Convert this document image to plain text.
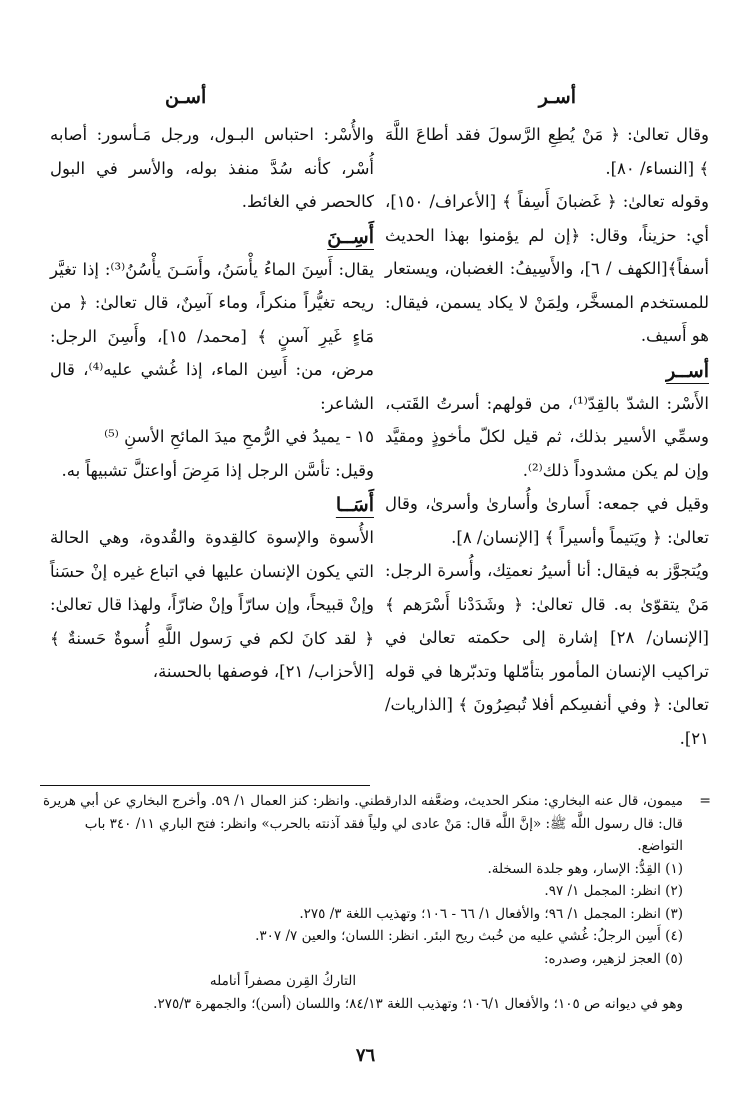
أسـر
أسـن

وقال تعالىٰ: ﴿ مَنْ يُطِعِ الرَّسولَ فقد أطاعَ اللَّهَ ﴾ [النساء/ ٨٠].

وقوله تعالىٰ: ﴿ غَضبانَ أَسِفاً ﴾ [الأعراف/ ١٥٠]، أي: حزيناً، وقال: ﴿إن لم يؤمنوا بهذا الحديث أسفاً﴾[الكهف / ٦]، والأَسِيفُ: الغضبان، ويستعار للمستخدم المسخَّر، ولِمَنْ لا يكاد يسمن، فيقال: هو أَسيف.

أســر

الأَسْر: الشدّ بالقِدّ⁽¹⁾، من قولهم: أسرتُ القَتب، وسمِّي الأسير بذلك، ثم قيل لكلّ مأخوذٍ ومقيَّد وإن لم يكن مشدوداً ذلك⁽²⁾.

وقيل في جمعه: أَسارىٰ وأُسارىٰ وأسرىٰ، وقال تعالىٰ: ﴿ ويَتيماً وأسيراً ﴾ [الإنسان/ ٨].

ويُتجوَّز به فيقال: أنا أسيرُ نعمتِك، وأُسرة الرجل: مَنْ يتقوّىٰ به. قال تعالىٰ: ﴿ وشَدَدْنا أَسْرَهم ﴾ [الإنسان/ ٢٨] إشارة إلى حكمته تعالىٰ في تراكيب الإنسان المأمور بتأمّلها وتدبّرها في قوله تعالىٰ: ﴿ وفي أنفسِكم أفلا تُبصِرُونَ ﴾ [الذاريات/ ٢١].

والأُسْر: احتباس البـول، ورجل مَـأسور: أصابه أُسْر، كأنه سُدَّ منفذ بوله، والأسر في البول كالحصر في الغائط.

أَسِــنَ

يقال: أَسِنَ الماءُ يأْسَنُ، وأَسَـنَ يأْسُنُ⁽³⁾: إذا تغيَّر ريحه تغيُّراً منكراً، وماء آسِنٌ، قال تعالىٰ: ﴿ من مَاءٍ غَيرِ آسنٍ ﴾ [محمد/ ١٥]، وأَسِنَ الرجل: مرض، من: أَسِن الماء، إذا غُشي عليه⁽⁴⁾، قال الشاعر:

١٥ - يميدُ في الرُّمحِ ميدَ المائحِ الأسنِ ⁽⁵⁾

وقيل: تأسَّن الرجل إذا مَرِضَ أواعتلَّ تشبيهاً به.

أَسَــا

الأُسوة والإسوة كالقِدوة والقُدوة، وهي الحالة التي يكون الإنسان عليها في اتباع غيره إنْ حسَناً وإنْ قبيحاً، وإن سارّاً وإنْ ضارّاً، ولهذا قال تعالىٰ: ﴿ لقد كانَ لكم في رَسول اللَّهِ أُسوةٌ حَسنةٌ ﴾ [الأحزاب/ ٢١]، فوصفها بالحسنة،

=
ميمون، قال عنه البخاري: منكر الحديث، وضعَّفه الدارقطني. وانظر: كنز العمال ١/ ٥٩. وأخرج البخاري عن أبي هريرة قال: قال رسول اللَّه ﷺ: «إنَّ اللَّه قال: مَنْ عادى لي ولياً فقد آذنته بالحرب» وانظر: فتح الباري ١١/ ٣٤٠ باب التواضع.
(١) القِدُّ: الإسار، وهو جلدة السخلة.
(٢) انظر: المجمل ١/ ٩٧.
(٣) انظر: المجمل ١/ ٩٦؛ والأفعال ١/ ٦٦ - ١٠٦؛ وتهذيب اللغة ٣/ ٢٧٥.
(٤) أَسِن الرجلُ: غُشي عليه من خُبث ريح البئر. انظر: اللسان؛ والعين ٧/ ٣٠٧.
(٥) العجز لزهير، وصدره:
التاركُ القِرن مصفراً أنامله
وهو في ديوانه ص ١٠٥؛ والأفعال ١٠٦/١؛ وتهذيب اللغة ٨٤/١٣؛ واللسان (أسن)؛ والجمهرة ٢٧٥/٣.
٧٦
